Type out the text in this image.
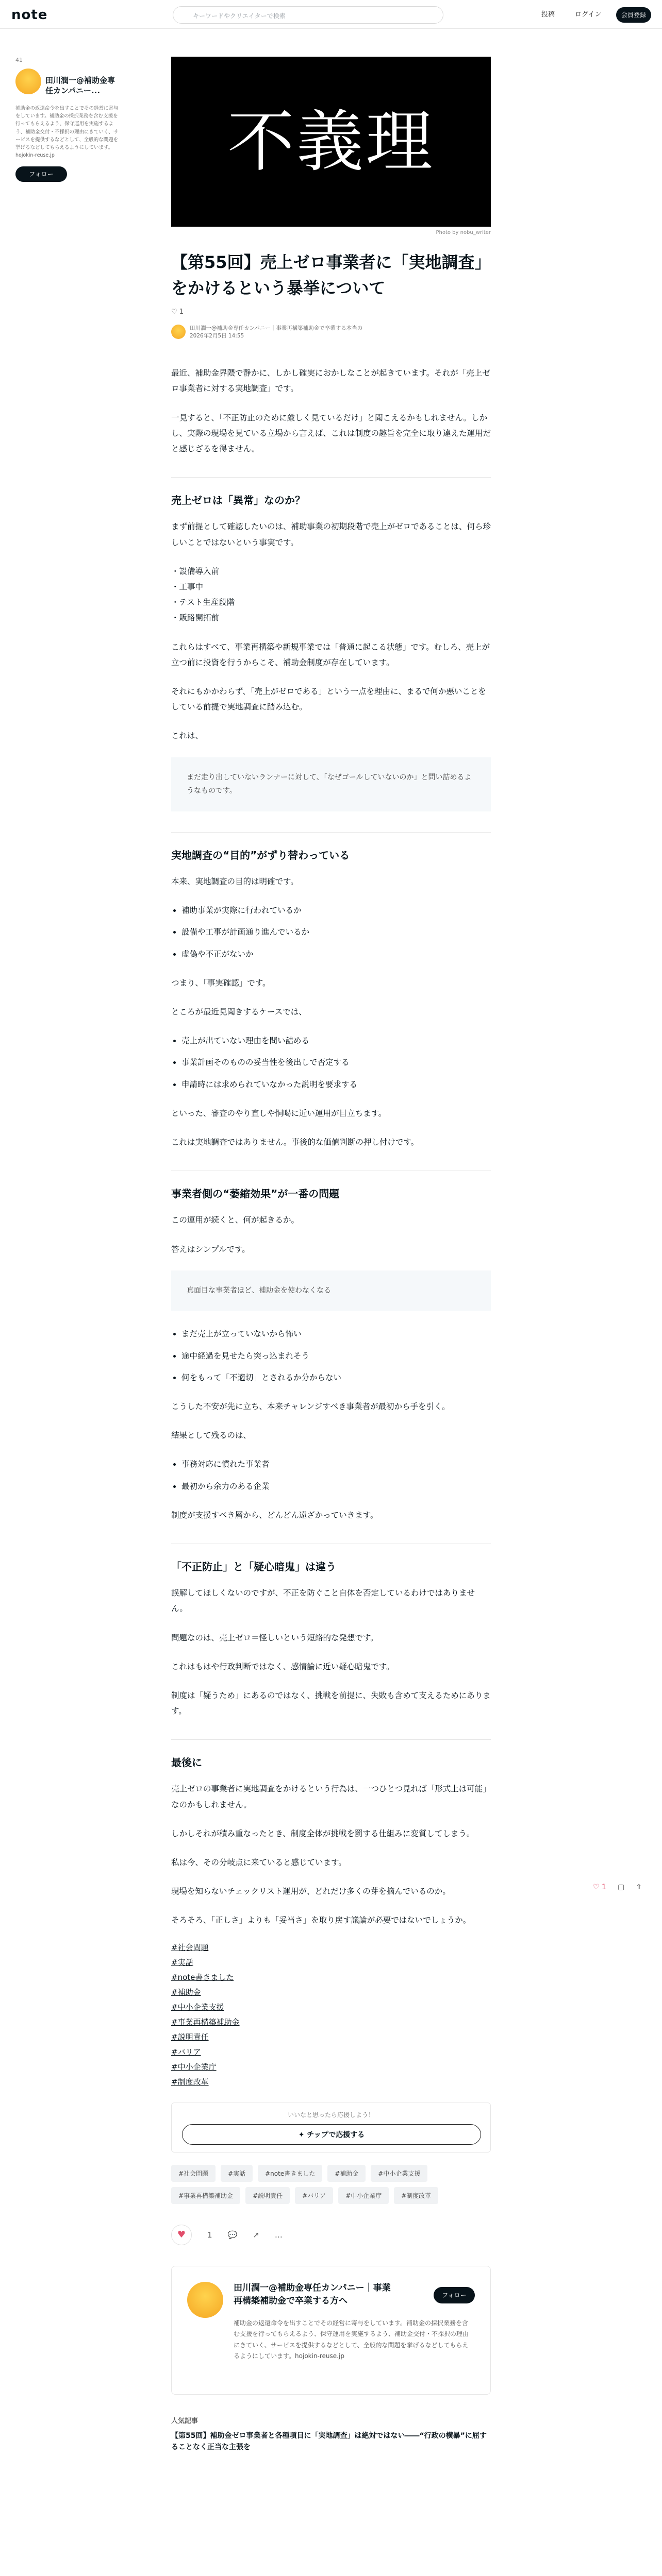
note	キーワードやクリエイターで検索	投稿	ログイン	会員登録
41
田川潤一@補助金専任カンパニー...
補助金の返還命令を出すことでその経営に寄与をしています。補助金の採択業務を含む支援を行ってもらえるよう、保守運用を実施するよう、補助金交付・不採択の理由にきていく、サービスを提供するなどとして、全般的な問題を挙げるなどしてもらえるようにしています。hojokin-reuse.jp
フォロー	不義理
Photo by nobu_writer
【第55回】売上ゼロ事業者に「実地調査」をかけるという暴挙について
♡ 1
田川潤一@補助金専任カンパニー｜事業再構築補助金で卒業する本当の
2026年2月5日 14:55

最近、補助金界隈で静かに、しかし確実におかしなことが起きています。それが「売上ゼロ事業者に対する実地調査」です。

一見すると、「不正防止のために厳しく見ているだけ」と聞こえるかもしれません。しかし、実際の現場を見ている立場から言えば、これは制度の趣旨を完全に取り違えた運用だと感じざるを得ません。

売上ゼロは「異常」なのか？

まず前提として確認したいのは、補助事業の初期段階で売上がゼロであることは、何ら珍しいことではないという事実です。

・設備導入前
・工事中
・テスト生産段階
・販路開拓前

これらはすべて、事業再構築や新規事業では「普通に起こる状態」です。むしろ、売上が立つ前に投資を行うからこそ、補助金制度が存在しています。

それにもかかわらず、「売上がゼロである」という一点を理由に、まるで何か悪いことをしている前提で実地調査に踏み込む。

これは、

まだ走り出していないランナーに対して、「なぜゴールしていないのか」と問い詰めるようなものです。
実地調査の“目的”がずり替わっている

本来、実地調査の目的は明確です。

• 補助事業が実際に行われているか
• 設備や工事が計画通り進んでいるか
• 虚偽や不正がないか

つまり、「事実確認」です。

ところが最近見聞きするケースでは、

• 売上が出ていない理由を問い詰める
• 事業計画そのものの妥当性を後出しで否定する
• 申請時には求められていなかった説明を要求する

といった、審査のやり直しや恫喝に近い運用が目立ちます。

これは実地調査ではありません。事後的な価値判断の押し付けです。

事業者側の“萎縮効果”が一番の問題

この運用が続くと、何が起きるか。

答えはシンプルです。

真面目な事業者ほど、補助金を使わなくなる
• まだ売上が立っていないから怖い
• 途中経過を見せたら突っ込まれそう
• 何をもって「不適切」とされるか分からない

こうした不安が先に立ち、本来チャレンジすべき事業者が最初から手を引く。

結果として残るのは、

• 事務対応に慣れた事業者
• 最初から余力のある企業

制度が支援すべき層から、どんどん遠ざかっていきます。

「不正防止」と「疑心暗鬼」は違う

誤解してほしくないのですが、不正を防ぐこと自体を否定しているわけではありません。

問題なのは、売上ゼロ＝怪しいという短絡的な発想です。

これはもはや行政判断ではなく、感情論に近い疑心暗鬼です。

制度は「疑うため」にあるのではなく、挑戦を前提に、失敗も含めて支えるためにあります。

最後に

売上ゼロの事業者に実地調査をかけるという行為は、一つひとつ見れば「形式上は可能」なのかもしれません。

しかしそれが積み重なったとき、制度全体が挑戦を罰する仕組みに変質してしまう。

私は今、その分岐点に来ていると感じています。

現場を知らないチェックリスト運用が、どれだけ多くの芽を摘んでいるのか。

そろそろ、「正しさ」よりも「妥当さ」を取り戻す議論が必要ではないでしょうか。

#社会問題
#実話
#note書きました
#補助金
#中小企業支援
#事業再構築補助金
#説明責任
#バリア
#中小企業庁
#制度改革
いいなと思ったら応援しよう！
✦ チップで応援する
#社会問題	#実話	#note書きました	#補助金	#中小企業支援
#事業再構築補助金	#説明責任	#バリア	#中小企業庁	#制度改革
♥	1 💬 ↗ …
田川潤一@補助金専任カンパニー｜事業再構築補助金で卒業する方へ
補助金の返還命令を出すことでその経営に寄与をしています。補助金の採択業務を含む支援を行ってもらえるよう、保守運用を実施するよう、補助金交付・不採択の理由にきていく、サービスを提供するなどとして、全般的な問題を挙げるなどしてもらえるようにしています。hojokin-reuse.jp
フォロー
人気記事
【第55回】補助金ゼロ事業者と各種項目に「実地調査」は絶対ではない――“行政の横暴”に屈することなく正当な主張を
♡ 1 ▢ ⇧
